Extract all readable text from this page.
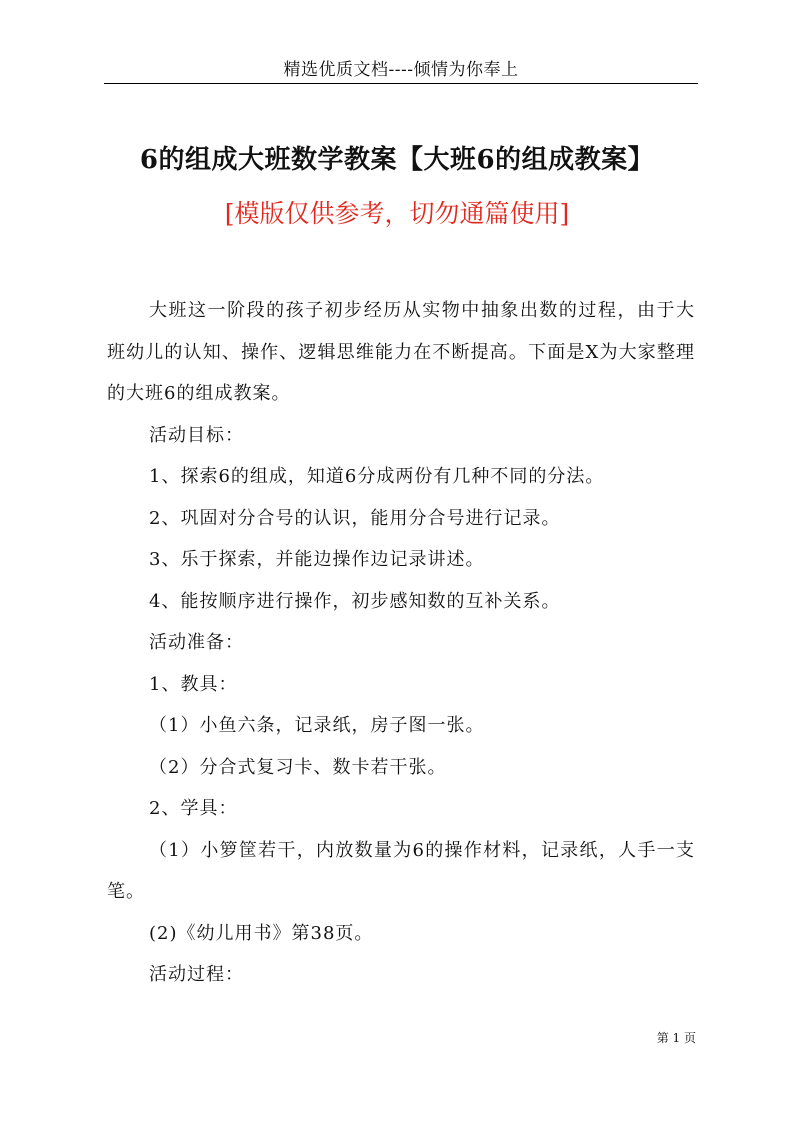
精选优质文档----倾情为你奉上
6的组成大班数学教案【大班6的组成教案】
[模版仅供参考，切勿通篇使用]

大班这一阶段的孩子初步经历从实物中抽象出数的过程，由于大班幼儿的认知、操作、逻辑思维能力在不断提高。下面是X为大家整理的大班6的组成教案。

活动目标：

1、探索6的组成，知道6分成两份有几种不同的分法。

2、巩固对分合号的认识，能用分合号进行记录。

3、乐于探索，并能边操作边记录讲述。

4、能按顺序进行操作，初步感知数的互补关系。

活动准备：

1、教具：

（1）小鱼六条，记录纸，房子图一张。

（2）分合式复习卡、数卡若干张。

2、学具：

（1）小箩筐若干，内放数量为6的操作材料，记录纸，人手一支笔。

(2)《幼儿用书》第38页。

活动过程：

第 1 页
